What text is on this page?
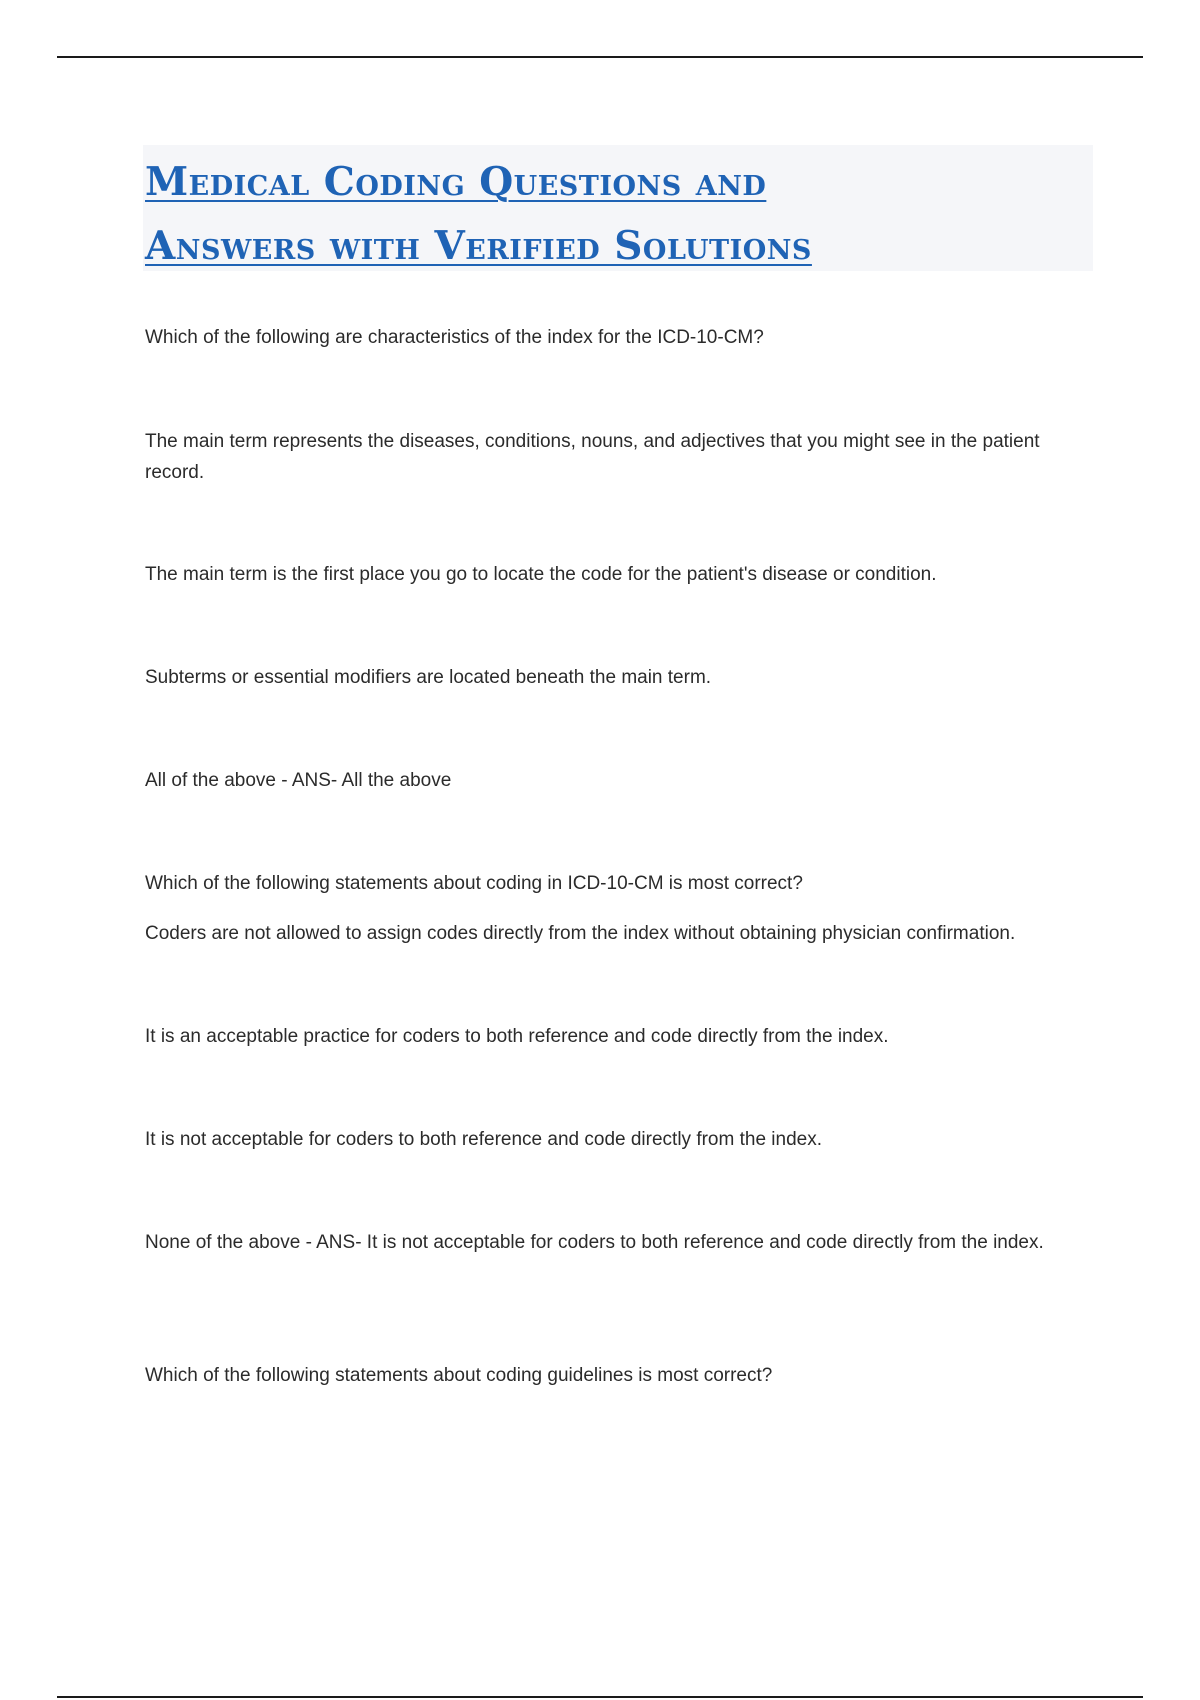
Medical Coding Questions and
Answers with Verified Solutions
Which of the following are characteristics of the index for the ICD-10-CM?
The main term represents the diseases, conditions, nouns, and adjectives that you might see in the patient record.
The main term is the first place you go to locate the code for the patient's disease or condition.
Subterms or essential modifiers are located beneath the main term.
All of the above - ANS- All the above
Which of the following statements about coding in ICD-10-CM is most correct?
Coders are not allowed to assign codes directly from the index without obtaining physician confirmation.
It is an acceptable practice for coders to both reference and code directly from the index.
It is not acceptable for coders to both reference and code directly from the index.
None of the above - ANS- It is not acceptable for coders to both reference and code directly from the index.
Which of the following statements about coding guidelines is most correct?
